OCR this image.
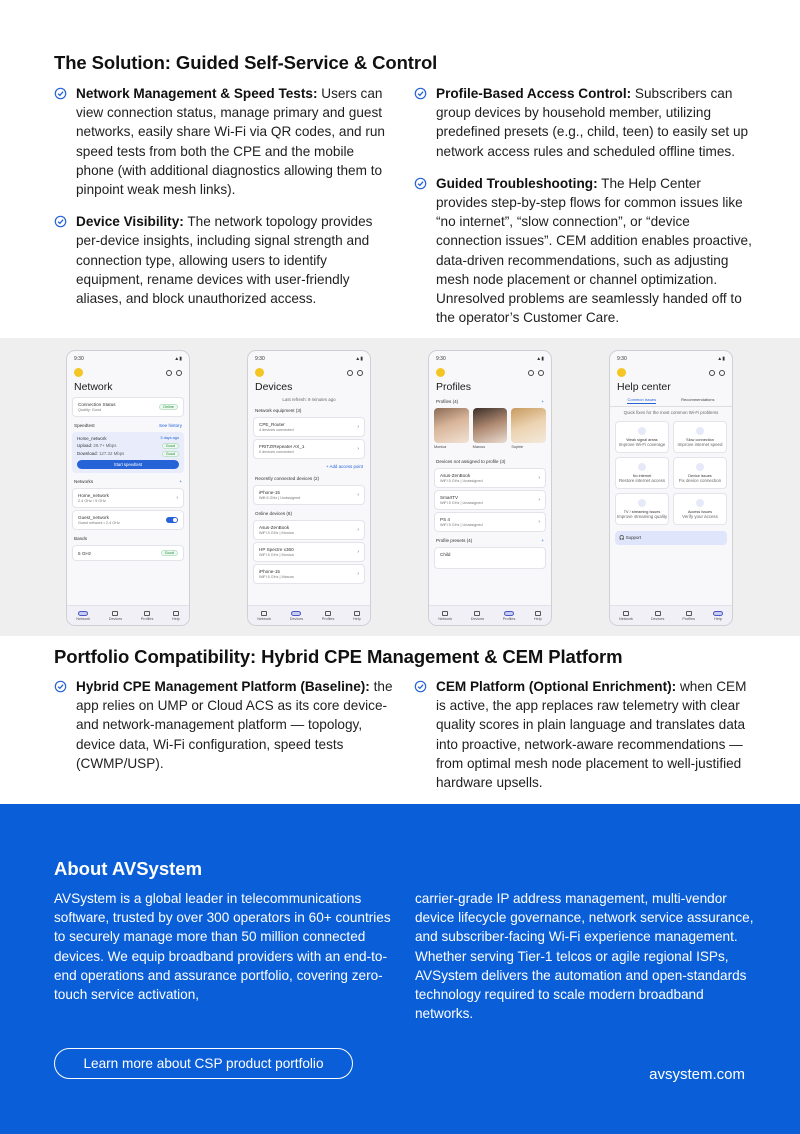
The Solution: Guided Self-Service & Control
Network Management & Speed Tests: Users can view connection status, manage primary and guest networks, easily share Wi-Fi via QR codes, and run speed tests from both the CPE and the mobile phone (with additional diagnostics allowing them to pinpoint weak mesh links).
Device Visibility: The network topology provides per-device insights, including signal strength and connection type, allowing users to identify equipment, rename devices with user-friendly aliases, and block unauthorized access.
Profile-Based Access Control: Subscribers can group devices by household member, utilizing predefined presets (e.g., child, teen) to easily set up network access rules and scheduled offline times.
Guided Troubleshooting: The Help Center provides step-by-step flows for common issues like “no internet”, “slow connection”, or “device connection issues”. CEM addition enables proactive, data-driven recommendations, such as adjusting mesh node placement or channel optimization. Unresolved problems are seamlessly handed off to the operator’s Customer Care.
9:30	▲▮
Network
Connection Status
Quality: Good
Online
Speedtest	See history
Home_network	3 days ago
Upload: 29.7+ Mbps	Good
Download: 127.32 Mbps	Good
Start speedtest
Networks	+
Home_network
2.4 GHz / 5 GHz	›
Guest_network
Guest network • 2.4 GHz
Bands
5 GHz	Good
Network	Devices	Profiles	Help
9:30	▲▮
Devices
Last refresh: 9 minutes ago
Network equipment (3)
CPE_Router
4 devices connected	›
FRITZ!Repeater AX_1
0 devices connected	›
+ Add access point
Recently connected devices (2)
iPhone-15
Wifi 6 GHz | Unassigned	›
Online devices (8)
Asus-ZenBook
WiFi 5 GHz | Monica	›
HP Spectre x360
WiFi 5 GHz | Monica	›
iPhone-15
WiFi 5 GHz | Marcus	›
Network	Devices	Profiles	Help
9:30	▲▮
Profiles
Profiles (4)	+
Monica	Marcus	Sophie
Devices not assigned to profile (3)
Asus-ZenBook
WiFi 5 GHz | Unassigned	›
SmartTV
WiFi 5 GHz | Unassigned	›
PS 4
WiFi 5 GHz | Unassigned	›
Profile presets (4)	+
Child
Network	Devices	Profiles	Help
9:30	▲▮
Help center
Common issues	Recommendations
Quick fixes for the most common Wi-Fi problems
Weak signal areas
Improve Wi-Fi coverage
Slow connection
Improve internet speed
No internet
Restore internet access
Device issues
Fix device connection
TV / streaming issues
Improve streaming quality
Access issues
Verify your access
🎧 Support
Network	Devices	Profiles	Help
Portfolio Compatibility: Hybrid CPE Management & CEM Platform
Hybrid CPE Management Platform (Baseline): the app relies on UMP or Cloud ACS as its core device- and network-management platform — topology, device data, Wi-Fi configuration, speed tests (CWMP/USP).
CEM Platform (Optional Enrichment): when CEM is active, the app replaces raw telemetry with clear quality scores in plain language and translates data into proactive, network-aware recommendations — from optimal mesh node placement to well-justified hardware upsells.
About AVSystem

AVSystem is a global leader in telecommunications software, trusted by over 300 operators in 60+ countries to securely manage more than 50 million connected devices. We equip broadband providers with an end-to-end operations and assurance portfolio, covering zero-touch service activation,

carrier-grade IP address management, multi-vendor device lifecycle governance, network service assurance, and subscriber-facing Wi-Fi experience management. Whether serving Tier-1 telcos or agile regional ISPs, AVSystem delivers the automation and open-standards technology required to scale modern broadband networks.

Learn more about CSP product portfolio
avsystem.com
